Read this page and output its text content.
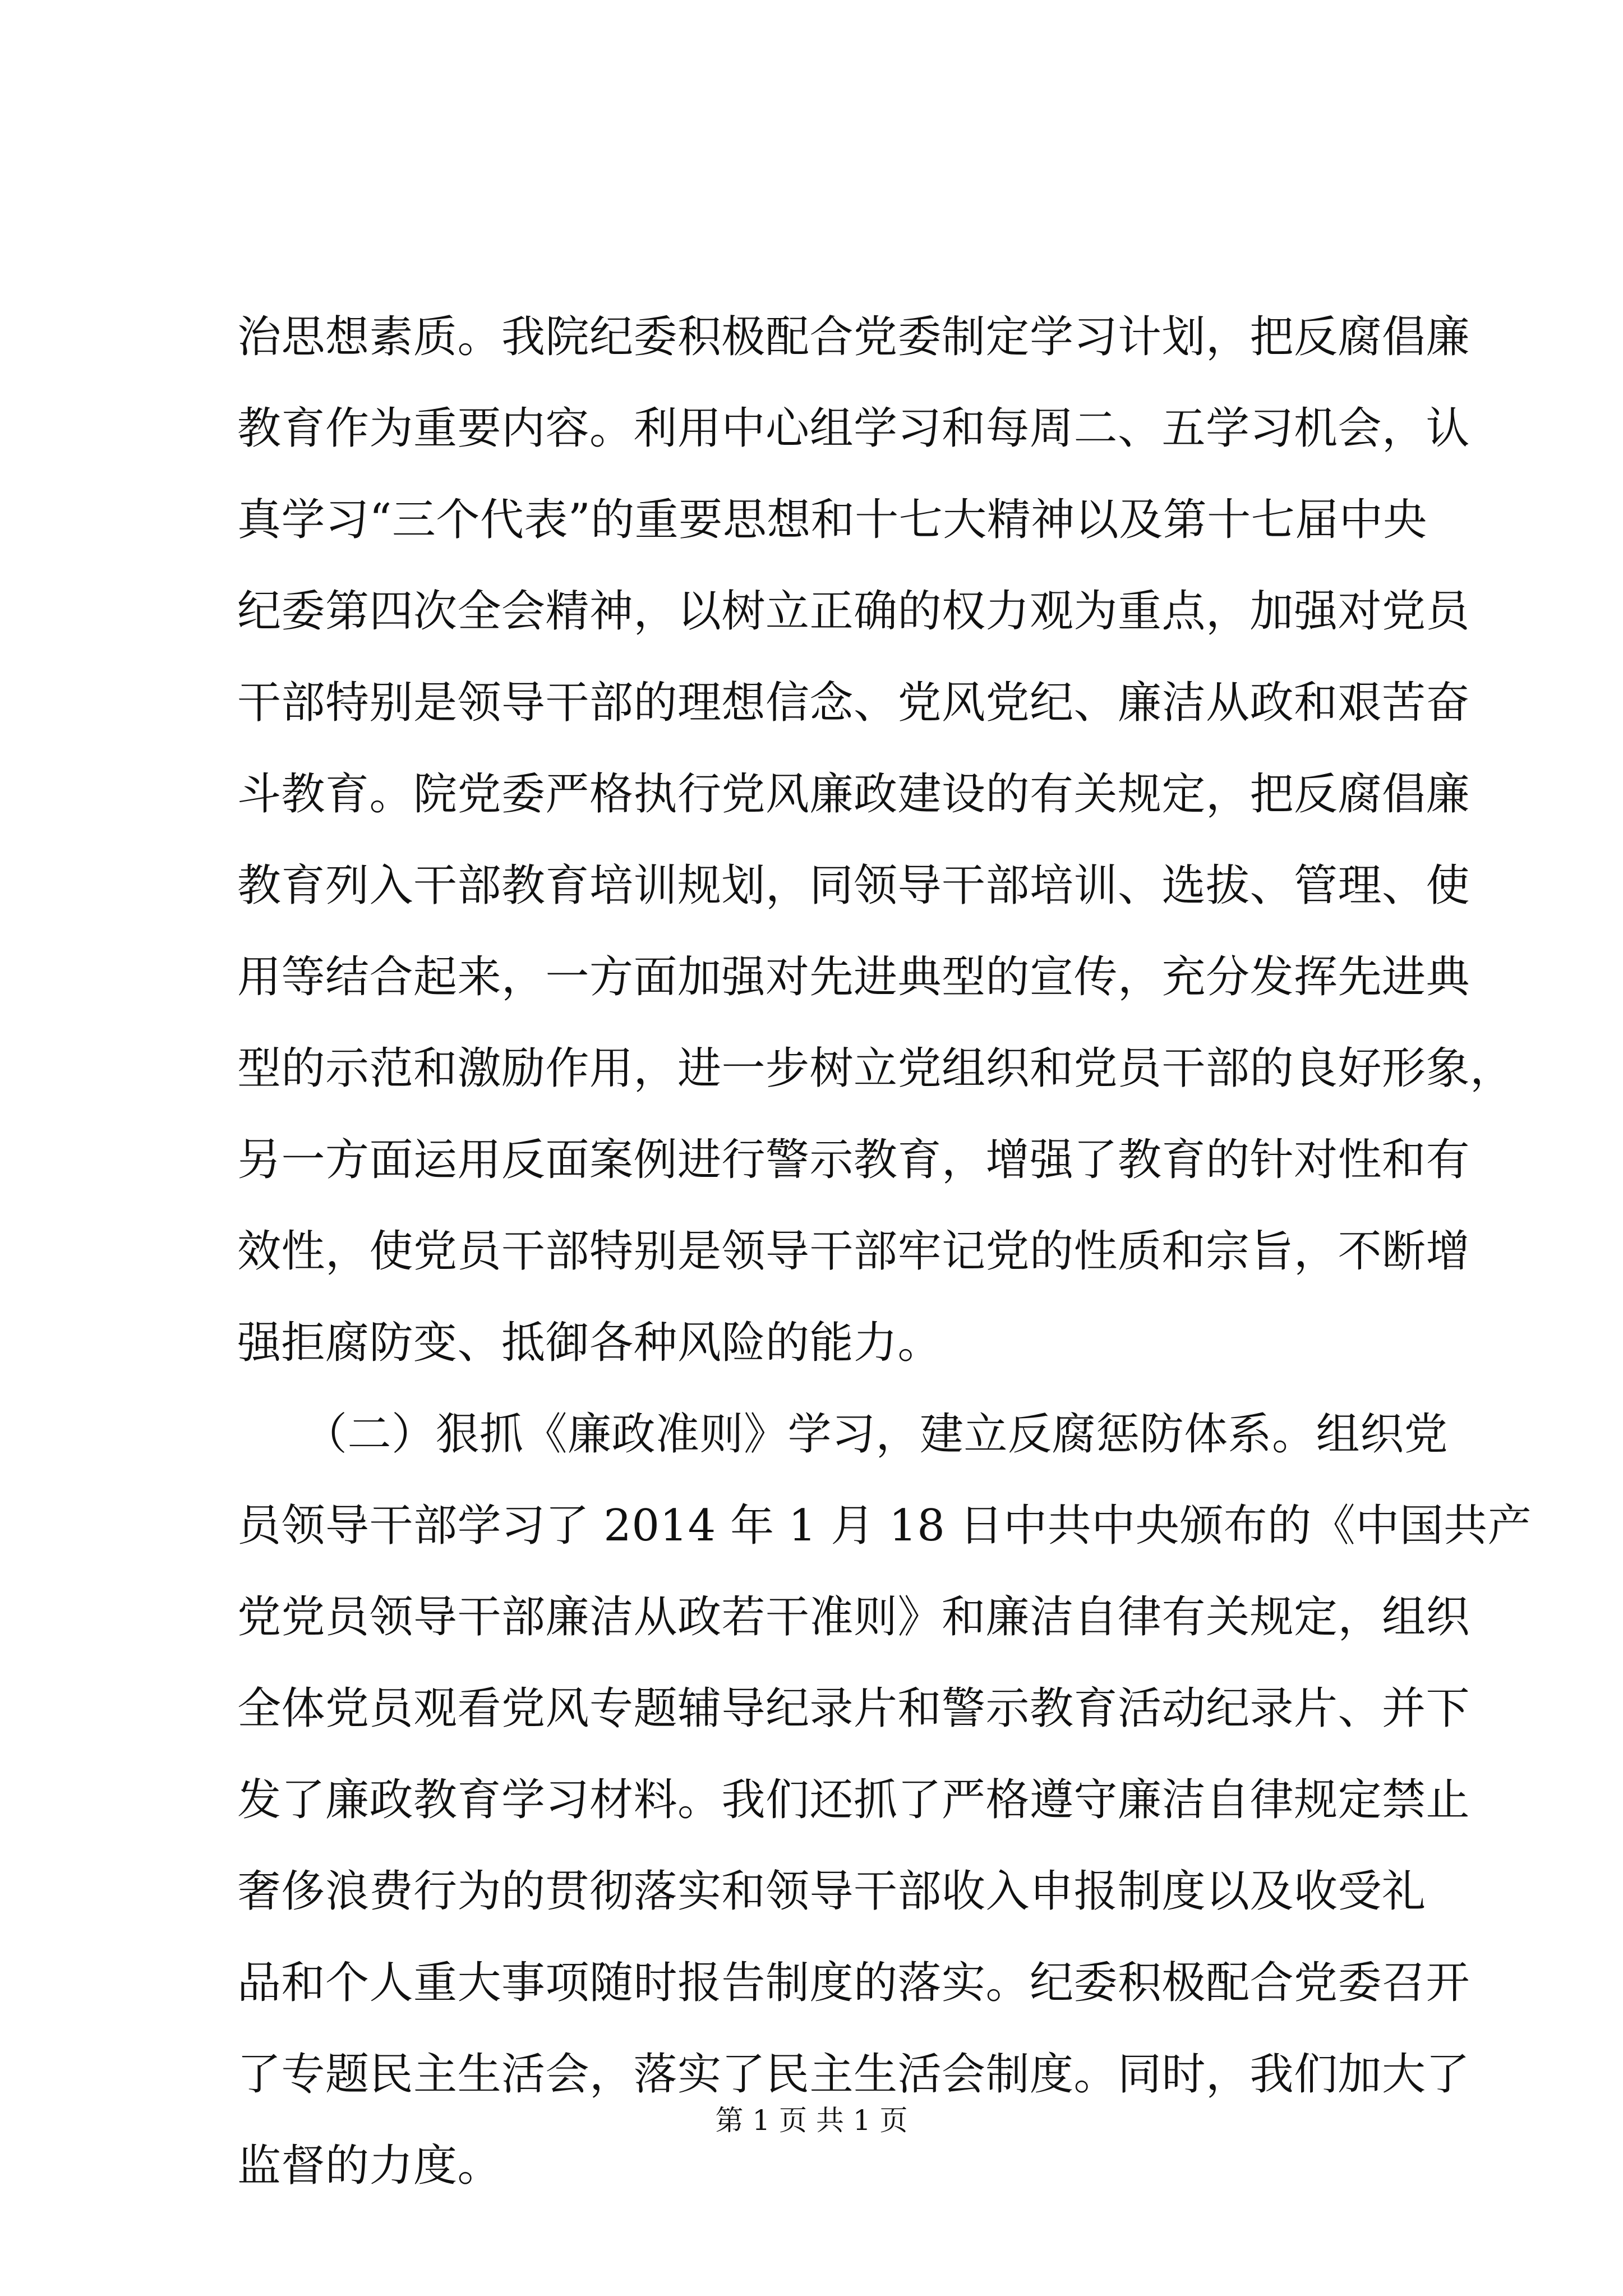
治思想素质。我院纪委积极配合党委制定学习计划，把反腐倡廉
教育作为重要内容。利用中心组学习和每周二、五学习机会，认
真学习“三个代表”的重要思想和十七大精神以及第十七届中央
纪委第四次全会精神，以树立正确的权力观为重点，加强对党员
干部特别是领导干部的理想信念、党风党纪、廉洁从政和艰苦奋
斗教育。院党委严格执行党风廉政建设的有关规定，把反腐倡廉
教育列入干部教育培训规划，同领导干部培训、选拔、管理、使
用等结合起来，一方面加强对先进典型的宣传，充分发挥先进典
型的示范和激励作用，进一步树立党组织和党员干部的良好形象，
另一方面运用反面案例进行警示教育，增强了教育的针对性和有
效性，使党员干部特别是领导干部牢记党的性质和宗旨，不断增
强拒腐防变、抵御各种风险的能力。
　　（二）狠抓《廉政准则》学习，建立反腐惩防体系。组织党
员领导干部学习了 2014 年 1 月 18 日中共中央颁布的《中国共产
党党员领导干部廉洁从政若干准则》和廉洁自律有关规定，组织
全体党员观看党风专题辅导纪录片和警示教育活动纪录片、并下
发了廉政教育学习材料。我们还抓了严格遵守廉洁自律规定禁止
奢侈浪费行为的贯彻落实和领导干部收入申报制度以及收受礼
品和个人重大事项随时报告制度的落实。纪委积极配合党委召开
了专题民主生活会，落实了民主生活会制度。同时，我们加大了
监督的力度。
第 1 页 共 1 页
